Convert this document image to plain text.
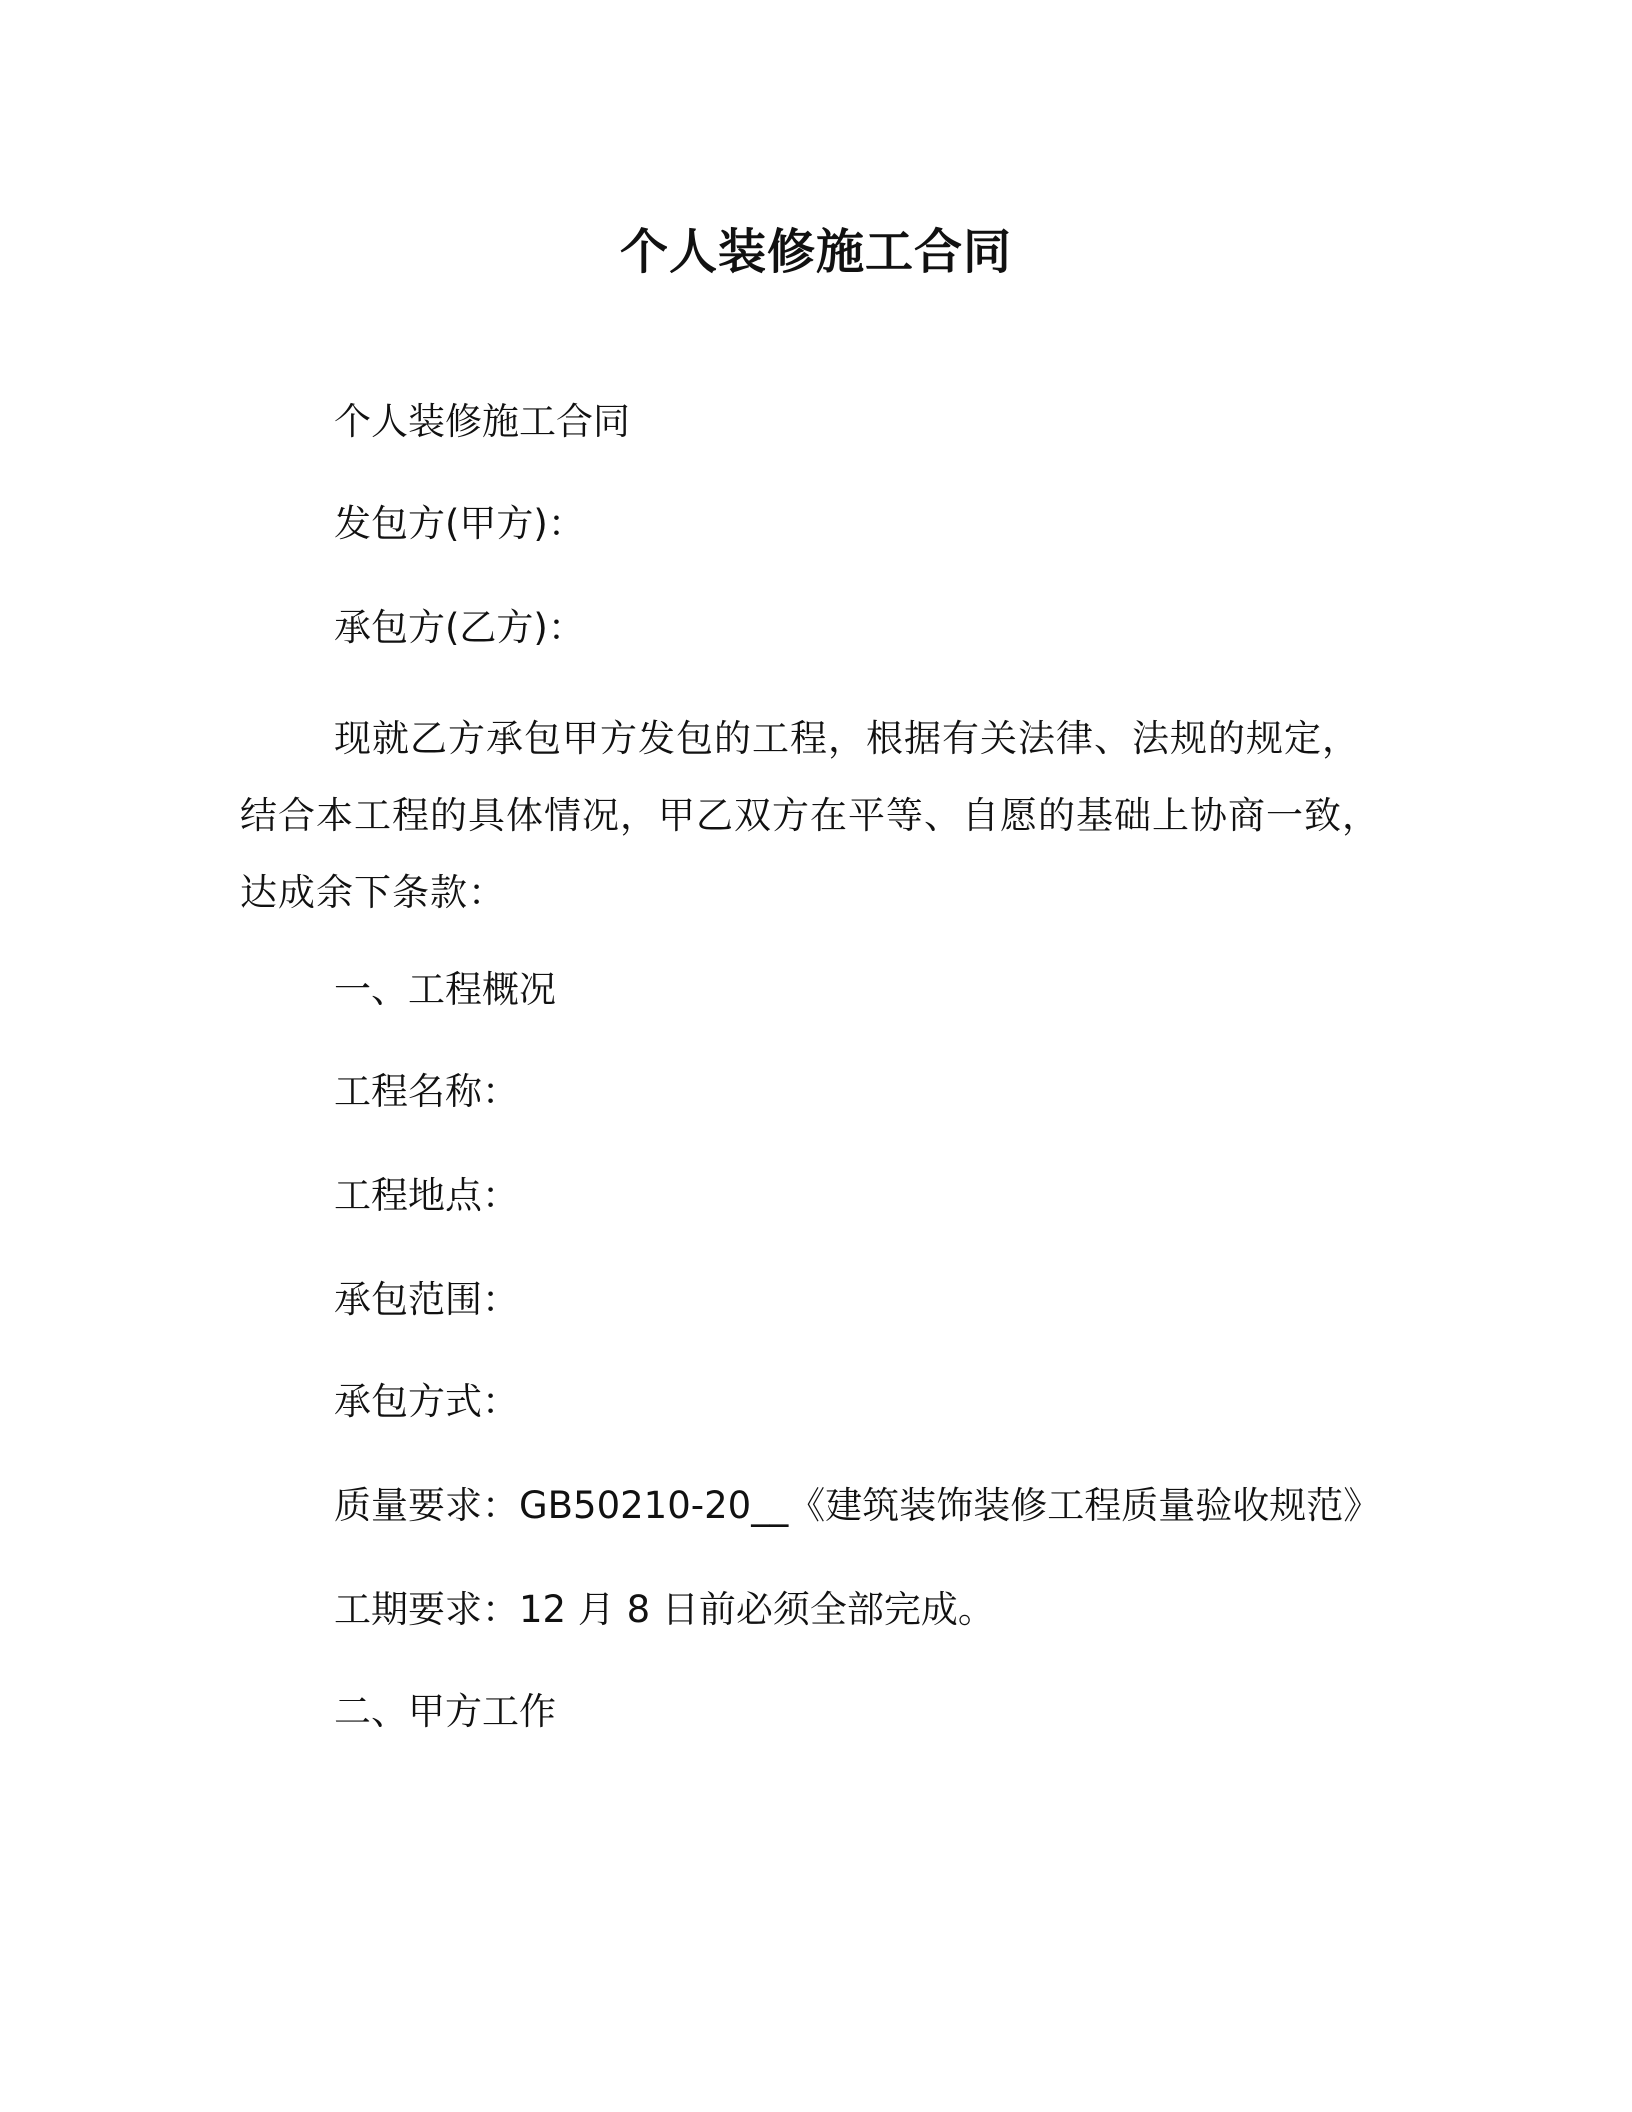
个人装修施工合同
个人装修施工合同
发包方(甲方)：
承包方(乙方)：
现就乙方承包甲方发包的工程，根据有关法律、法规的规定，结合本工程的具体情况，甲乙双方在平等、自愿的基础上协商一致，达成余下条款：
一、工程概况
工程名称：
工程地点：
承包范围：
承包方式：
质量要求：GB50210-20__《建筑装饰装修工程质量验收规范》
工期要求：12 月 8 日前必须全部完成。
二、甲方工作
